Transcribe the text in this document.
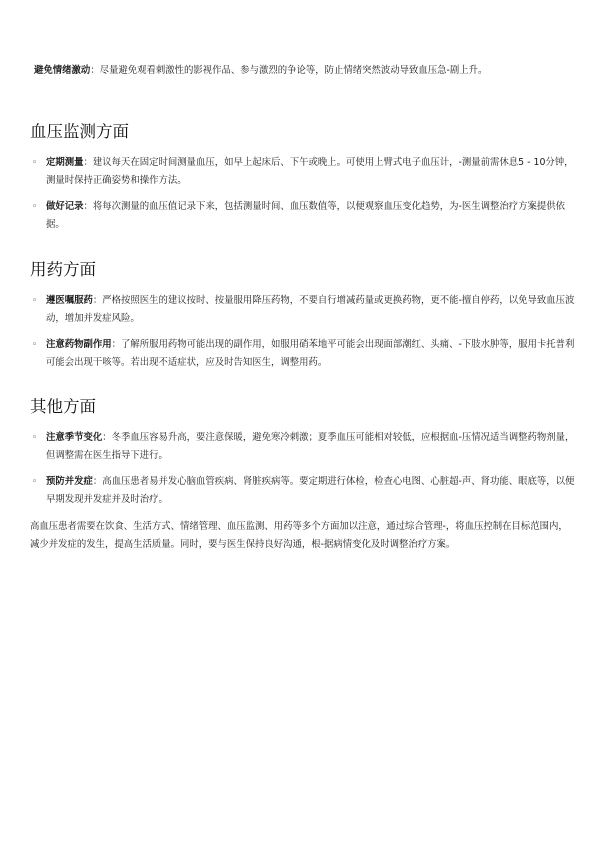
避免情绪激动：尽量避免观看刺激性的影视作品、参与激烈的争论等，防止情绪突然波动导致血压急-剧上升。

血压监测方面
◦ 定期测量：建议每天在固定时间测量血压，如早上起床后、下午或晚上。可使用上臂式电子血压计，-测量前需休息5 - 10分钟，测量时保持正确姿势和操作方法。
◦ 做好记录：将每次测量的血压值记录下来，包括测量时间、血压数值等，以便观察血压变化趋势，为-医生调整治疗方案提供依据。
用药方面
◦ 遵医嘱服药：严格按照医生的建议按时、按量服用降压药物，不要自行增减药量或更换药物，更不能-擅自停药，以免导致血压波动，增加并发症风险。
◦ 注意药物副作用：了解所服用药物可能出现的副作用，如服用硝苯地平可能会出现面部潮红、头痛、-下肢水肿等，服用卡托普利可能会出现干咳等。若出现不适症状，应及时告知医生，调整用药。
其他方面
◦ 注意季节变化：冬季血压容易升高，要注意保暖，避免寒冷刺激；夏季血压可能相对较低，应根据血-压情况适当调整药物剂量，但调整需在医生指导下进行。
◦ 预防并发症：高血压患者易并发心脑血管疾病、肾脏疾病等。要定期进行体检，检查心电图、心脏超-声、肾功能、眼底等，以便早期发现并发症并及时治疗。

高血压患者需要在饮食、生活方式、情绪管理、血压监测、用药等多个方面加以注意，通过综合管理-，将血压控制在目标范围内，减少并发症的发生，提高生活质量。同时，要与医生保持良好沟通，根-据病情变化及时调整治疗方案。
